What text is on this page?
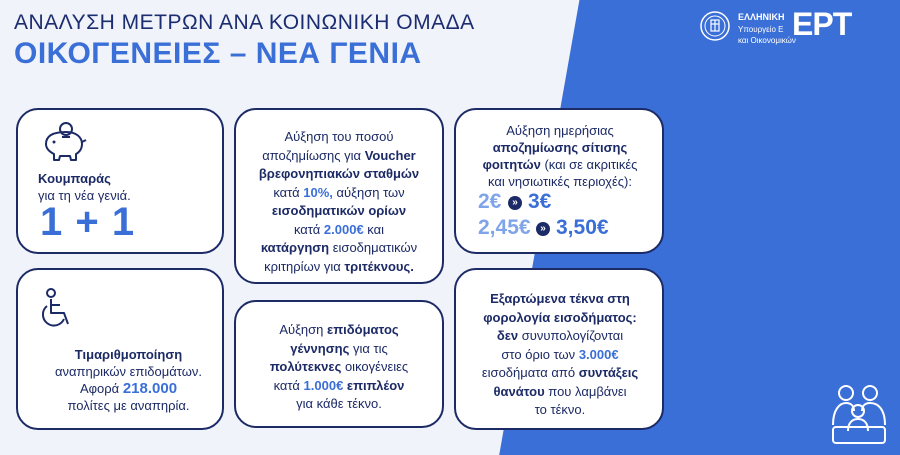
ΑΝΑΛΥΣΗ ΜΕΤΡΩΝ ΑΝΑ ΚΟΙΝΩΝΙΚΗ ΟΜΑΔΑ
ΟΙΚΟΓΕΝΕΙΕΣ – ΝΕΑ ΓΕΝΙΑ
ΕΛΛΗΝΙΚΗ
Υπουργείο Ε
και Οικονομικών
ΕΡΤ
Κουμπαράς
για τη νέα γενιά.
1 + 1
Τιμαριθμοποίηση
αναπηρικών επιδομάτων.
Αφορά 218.000
πολίτες με αναπηρία.
Αύξηση του ποσού
αποζημίωσης για Voucher
βρεφονηπιακών σταθμών
κατά 10%, αύξηση των
εισοδηματικών ορίων
κατά 2.000€ και
κατάργηση εισοδηματικών
κριτηρίων για τριτέκνους.
Αύξηση επιδόματος
γέννησης για τις
πολύτεκνες οικογένειες
κατά 1.000€ επιπλέον
για κάθε τέκνο.
Αύξηση ημερήσιας
αποζημίωσης σίτισης
φοιτητών (και σε ακριτικές
και νησιωτικές περιοχές):
2€	» 3€
2,45€ » 3,50€
Εξαρτώμενα τέκνα στη
φορολογία εισοδήματος:
δεν συνυπολογίζονται
στο όριο των 3.000€
εισοδήματα από συντάξεις
θανάτου που λαμβάνει
το τέκνο.
